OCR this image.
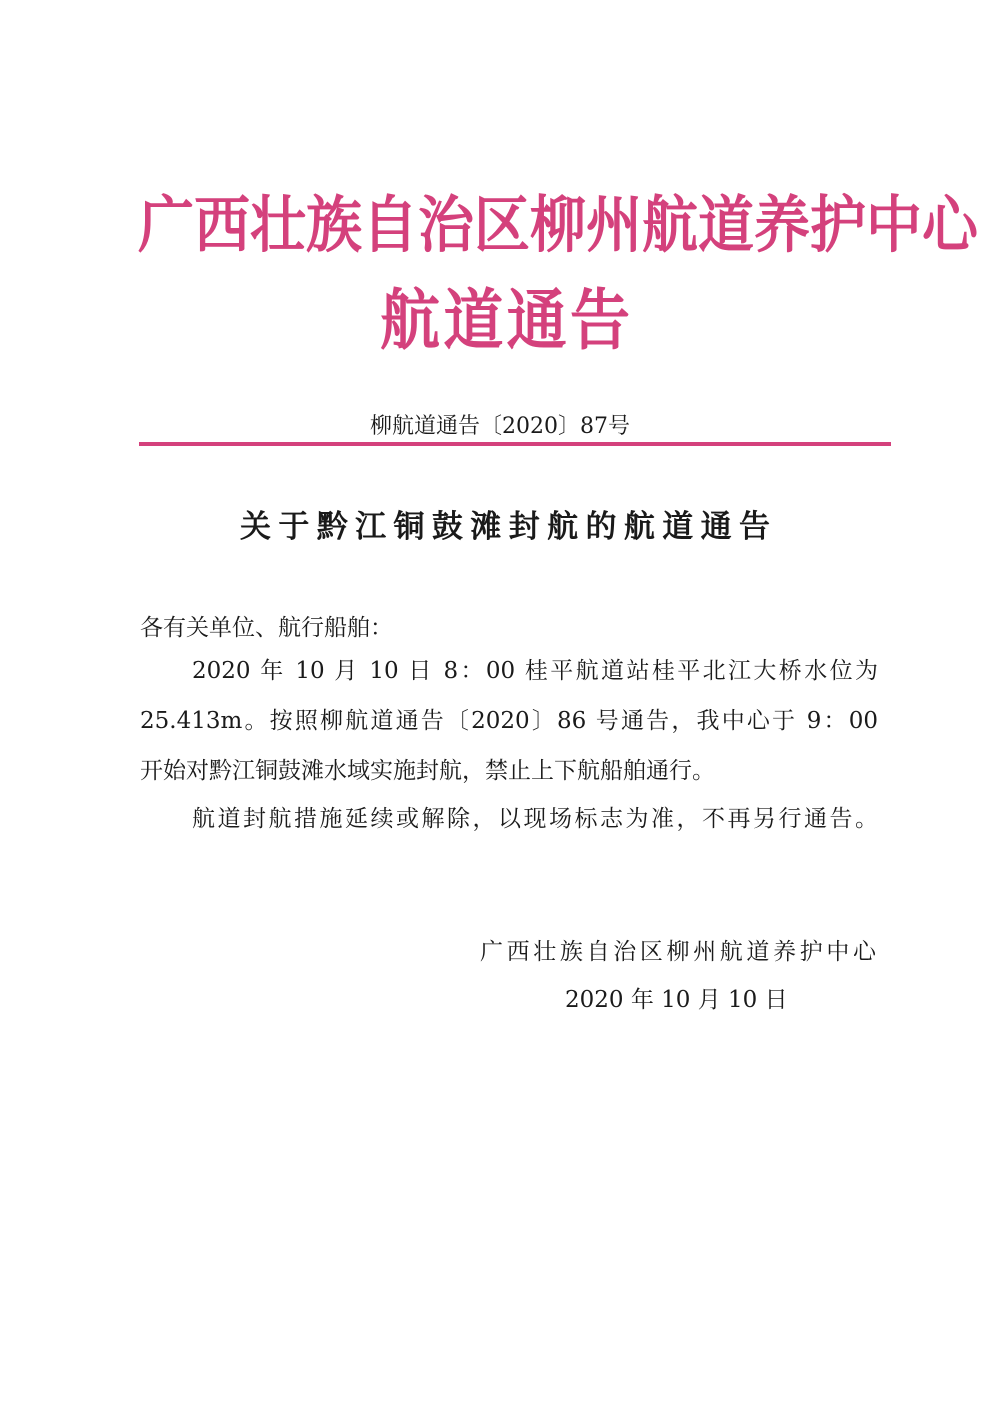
广西壮族自治区柳州航道养护中心
航道通告
柳航道通告〔2020〕87号
关于黔江铜鼓滩封航的航道通告
各有关单位、航行船舶：
2020 年 10 月 10 日 8：00 桂平航道站桂平北江大桥水位为
25.413m。按照柳航道通告〔2020〕86 号通告，我中心于 9：00
开始对黔江铜鼓滩水域实施封航，禁止上下航船舶通行。
航道封航措施延续或解除，以现场标志为准，不再另行通告。
广西壮族自治区柳州航道养护中心
2020 年 10 月 10 日
